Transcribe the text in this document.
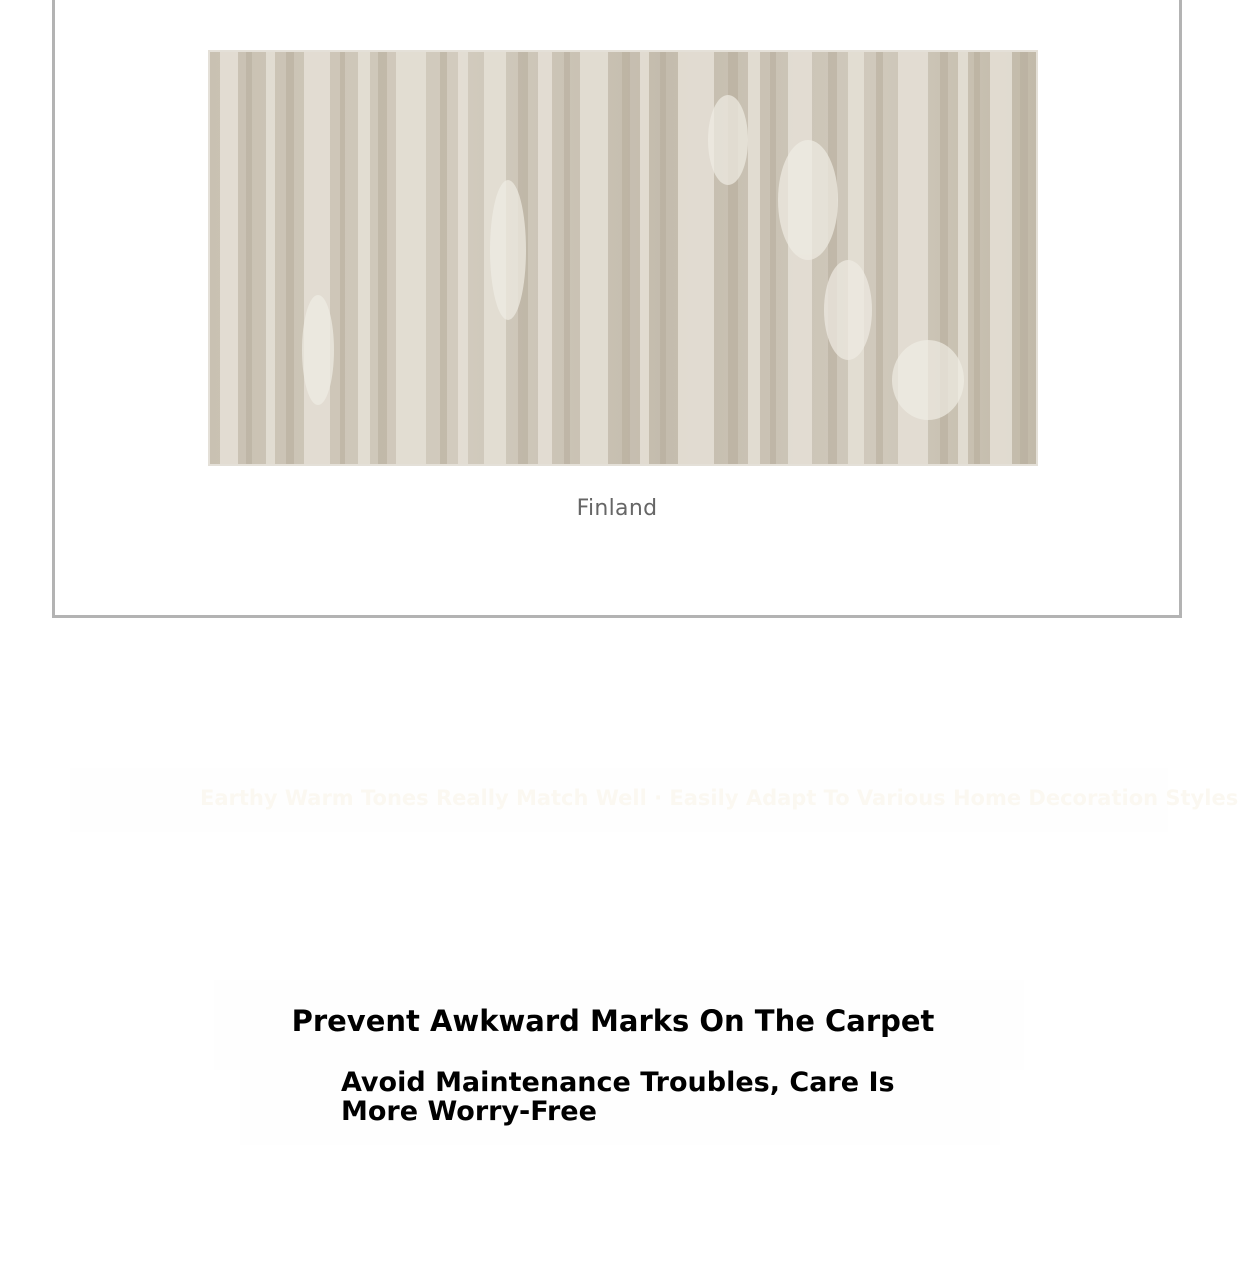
Finland
Earthy Warm Tones Really Match Well · Easily Adapt To Various Home Decoration Styles
Prevent Awkward Marks On The Carpet
Avoid Maintenance Troubles, Care Is More Worry-Free
